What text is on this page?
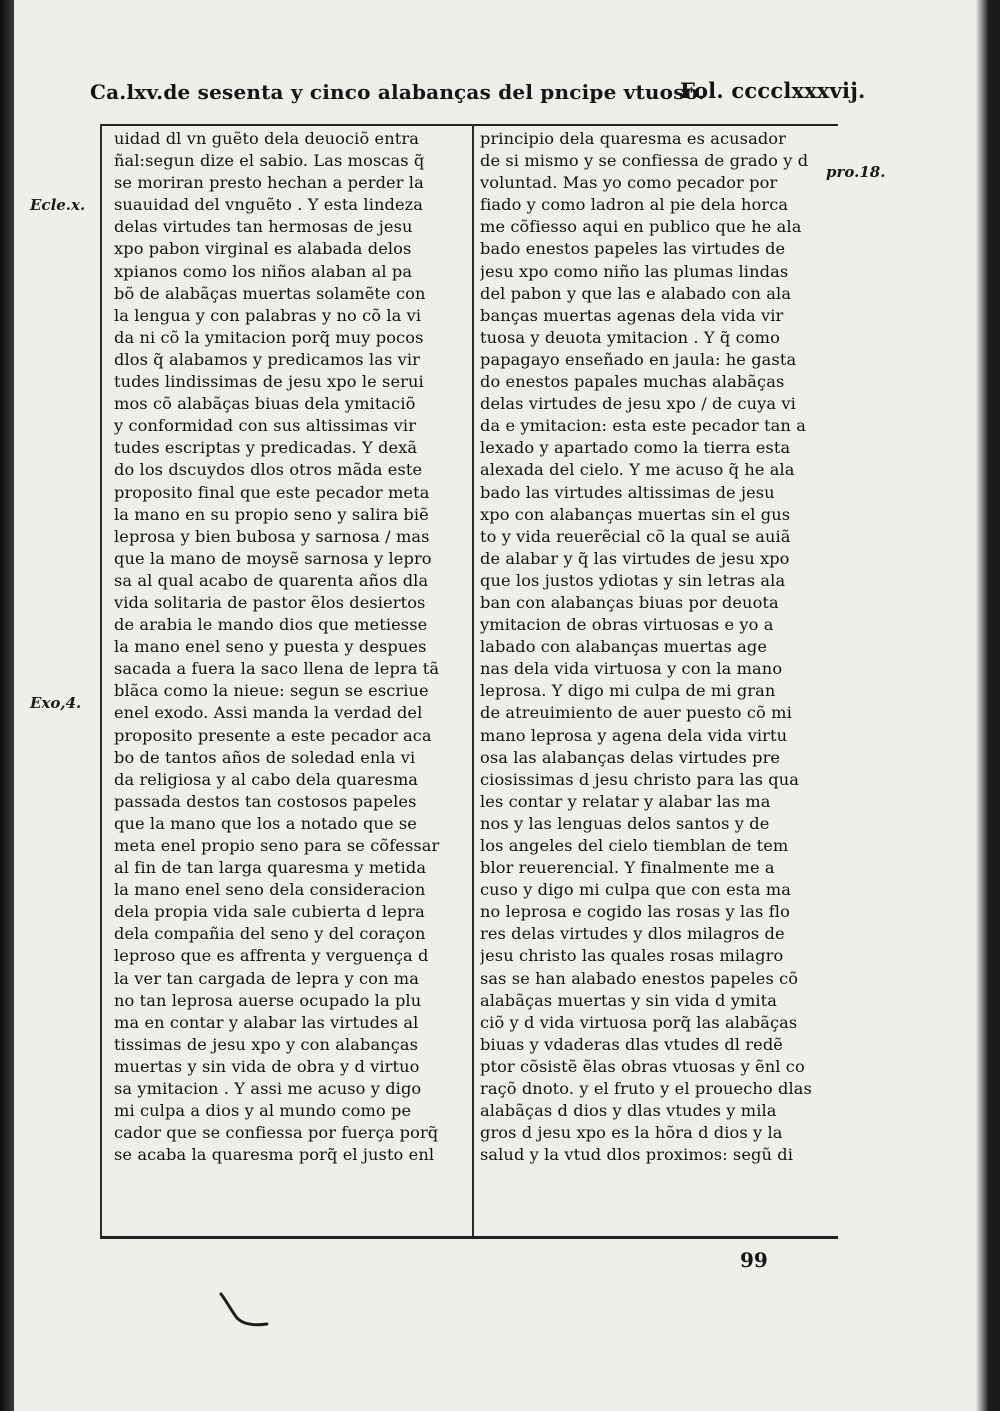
Ca.lxv.de sesenta y cinco alabanças del pncipe vtuoso.
Fol. cccclxxxvij.
Ecle.x.
Exo,4.
pro.18.
uidad dl vn guẽto dela deuociõ entra
ñal:segun dize el sabio. Las moscas q̃
se moriran presto hechan a perder la
suauidad del vnguẽto . Y esta lindeza
delas virtudes tan hermosas de jesu
xpo pabon virginal es alabada delos
xpianos como los niños alaban al pa
bõ de alabãças muertas solamẽte con
la lengua y con palabras y no cõ la vi
da ni cõ la ymitacion porq̃ muy pocos
dlos q̃ alabamos y predicamos las vir
tudes lindissimas de jesu xpo le serui
mos cõ alabãças biuas dela ymitaciõ
y conformidad con sus altissimas vir
tudes escriptas y predicadas. Y dexã
do los dscuydos dlos otros mãda este
proposito final que este pecador meta
la mano en su propio seno y salira biẽ
leprosa y bien bubosa y sarnosa / mas
que la mano de moysẽ sarnosa y lepro
sa al qual acabo de quarenta años dla
vida solitaria de pastor ẽlos desiertos
de arabia le mando dios que metiesse
la mano enel seno y puesta y despues
sacada a fuera la saco llena de lepra tã
blãca como la nieue: segun se escriue
enel exodo. Assi manda la verdad del
proposito presente a este pecador aca
bo de tantos años de soledad enla vi
da religiosa y al cabo dela quaresma
passada destos tan costosos papeles
que la mano que los a notado que se
meta enel propio seno para se cõfessar
al fin de tan larga quaresma y metida
la mano enel seno dela consideracion
dela propia vida sale cubierta d lepra
dela compañia del seno y del coraçon
leproso que es affrenta y verguença d
la ver tan cargada de lepra y con ma
no tan leprosa auerse ocupado la plu
ma en contar y alabar las virtudes al
tissimas de jesu xpo y con alabanças
muertas y sin vida de obra y d virtuo
sa ymitacion . Y assi me acuso y digo
mi culpa a dios y al mundo como pe
cador que se confiessa por fuerça porq̃
se acaba la quaresma porq̃ el justo enl
principio dela quaresma es acusador
de si mismo y se confiessa de grado y d
voluntad. Mas yo como pecador por
fiado y como ladron al pie dela horca
me cõfiesso aqui en publico que he ala
bado enestos papeles las virtudes de
jesu xpo como niño las plumas lindas
del pabon y que las e alabado con ala
banças muertas agenas dela vida vir
tuosa y deuota ymitacion . Y q̃ como
papagayo enseñado en jaula: he gasta
do enestos papales muchas alabãças
delas virtudes de jesu xpo / de cuya vi
da e ymitacion: esta este pecador tan a
lexado y apartado como la tierra esta
alexada del cielo. Y me acuso q̃ he ala
bado las virtudes altissimas de jesu
xpo con alabanças muertas sin el gus
to y vida reuerẽcial cõ la qual se auiã
de alabar y q̃ las virtudes de jesu xpo
que los justos ydiotas y sin letras ala
ban con alabanças biuas por deuota
ymitacion de obras virtuosas e yo a
labado con alabanças muertas age
nas dela vida virtuosa y con la mano
leprosa. Y digo mi culpa de mi gran
de atreuimiento de auer puesto cõ mi
mano leprosa y agena dela vida virtu
osa las alabanças delas virtudes pre
ciosissimas d jesu christo para las qua
les contar y relatar y alabar las ma
nos y las lenguas delos santos y de
los angeles del cielo tiemblan de tem
blor reuerencial. Y finalmente me a
cuso y digo mi culpa que con esta ma
no leprosa e cogido las rosas y las flo
res delas virtudes y dlos milagros de
jesu christo las quales rosas milagro
sas se han alabado enestos papeles cõ
alabãças muertas y sin vida d ymita
ciõ y d vida virtuosa porq̃ las alabãças
biuas y vdaderas dlas vtudes dl redẽ
ptor cõsistẽ ẽlas obras vtuosas y ẽnl co
raçõ dnoto. y el fruto y el prouecho dlas
alabãças d dios y dlas vtudes y mila
gros d jesu xpo es la hõra d dios y la
salud y la vtud dlos proximos: segũ di
99
